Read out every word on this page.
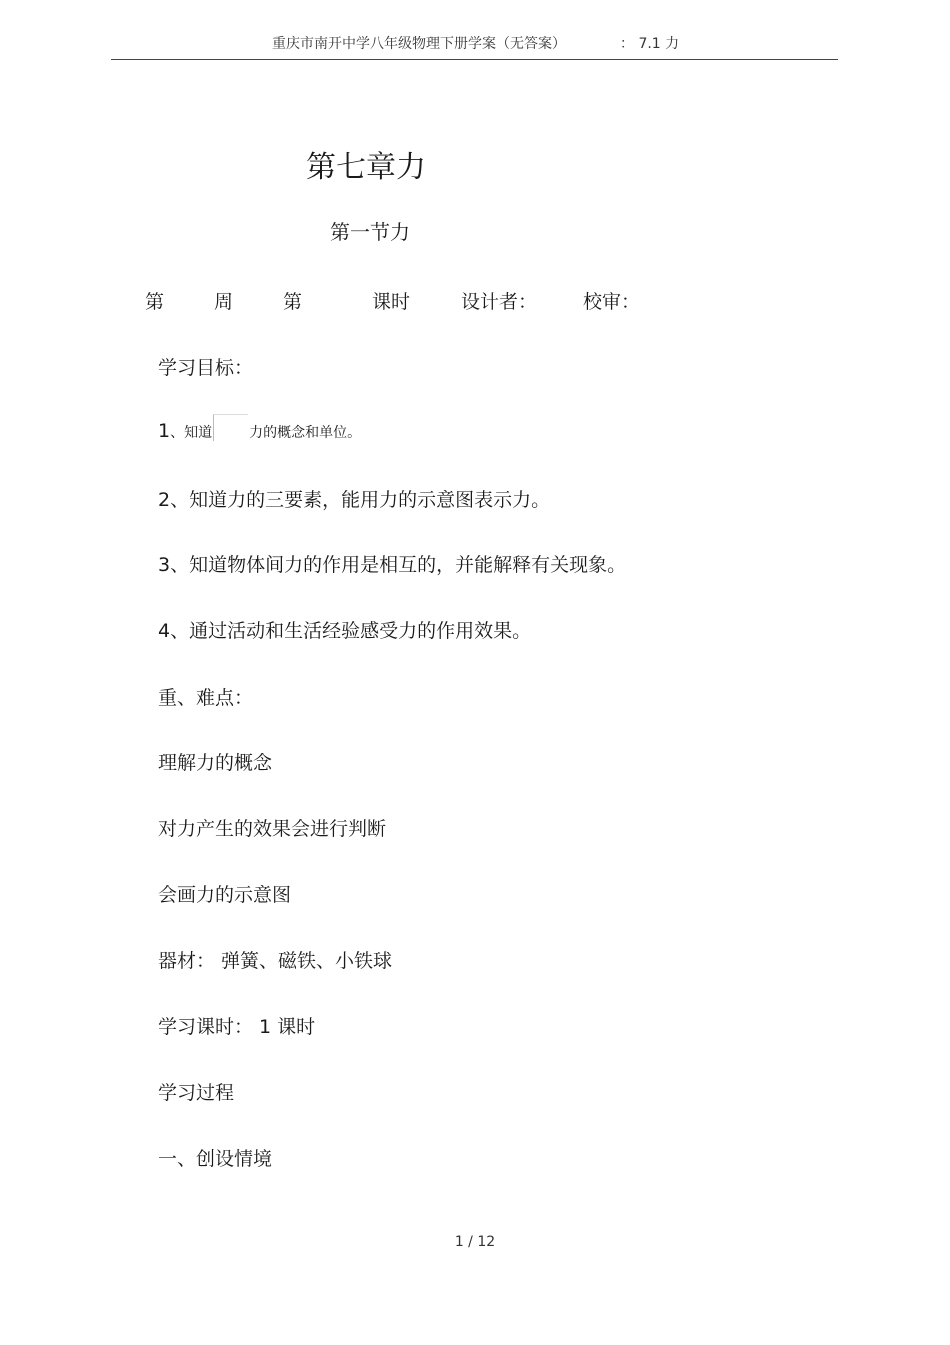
重庆市南开中学八年级物理下册学案（无答案）	： 7.1 力
第七章力
第一节力
第	周	第	课时	设计者： 校审：
学习目标：
1、知道	力的概念和单位。
2、知道力的三要素，能用力的示意图表示力。
3、知道物体间力的作用是相互的，并能解释有关现象。
4、通过活动和生活经验感受力的作用效果。
重、难点：
理解力的概念
对力产生的效果会进行判断
会画力的示意图
器材： 弹簧、磁铁、小铁球
学习课时： 1 课时
学习过程
一、创设情境
1 / 12
